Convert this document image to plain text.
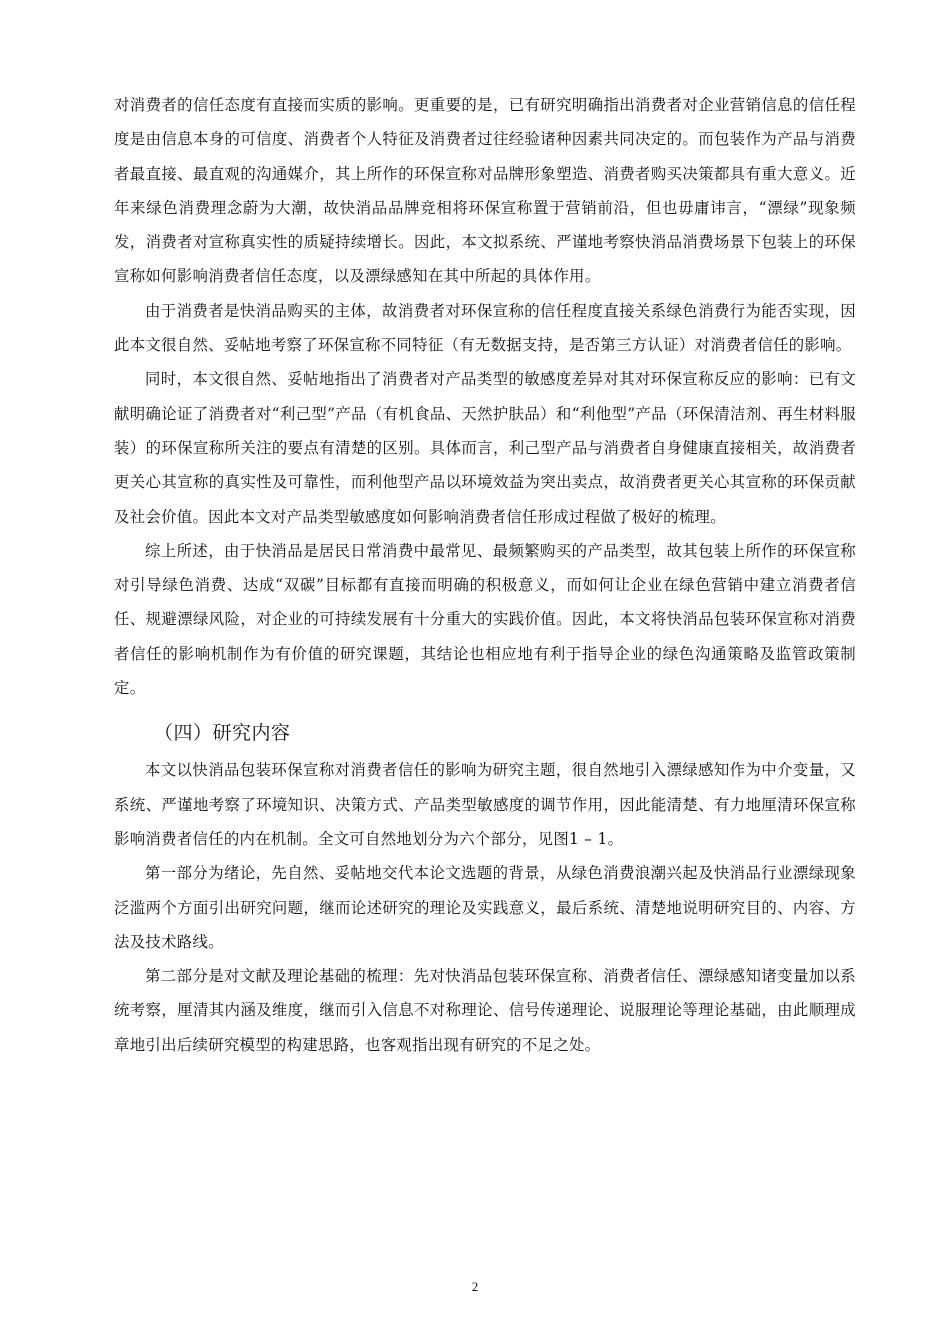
对消费者的信任态度有直接而实质的影响。更重要的是，已有研究明确指出消费者对企业营销信息的信任程度是由信息本身的可信度、消费者个人特征及消费者过往经验诸种因素共同决定的。而包装作为产品与消费者最直接、最直观的沟通媒介，其上所作的环保宣称对品牌形象塑造、消费者购买决策都具有重大意义。近年来绿色消费理念蔚为大潮，故快消品品牌竞相将环保宣称置于营销前沿，但也毋庸讳言，“漂绿”现象频发，消费者对宣称真实性的质疑持续增长。因此，本文拟系统、严谨地考察快消品消费场景下包装上的环保宣称如何影响消费者信任态度，以及漂绿感知在其中所起的具体作用。

由于消费者是快消品购买的主体，故消费者对环保宣称的信任程度直接关系绿色消费行为能否实现，因此本文很自然、妥帖地考察了环保宣称不同特征（有无数据支持，是否第三方认证）对消费者信任的影响。

同时，本文很自然、妥帖地指出了消费者对产品类型的敏感度差异对其对环保宣称反应的影响：已有文献明确论证了消费者对“利己型”产品（有机食品、天然护肤品）和“利他型”产品（环保清洁剂、再生材料服装）的环保宣称所关注的要点有清楚的区别。具体而言，利己型产品与消费者自身健康直接相关，故消费者更关心其宣称的真实性及可靠性，而利他型产品以环境效益为突出卖点，故消费者更关心其宣称的环保贡献及社会价值。因此本文对产品类型敏感度如何影响消费者信任形成过程做了极好的梳理。

综上所述，由于快消品是居民日常消费中最常见、最频繁购买的产品类型，故其包装上所作的环保宣称对引导绿色消费、达成“双碳”目标都有直接而明确的积极意义，而如何让企业在绿色营销中建立消费者信任、规避漂绿风险，对企业的可持续发展有十分重大的实践价值。因此，本文将快消品包装环保宣称对消费者信任的影响机制作为有价值的研究课题，其结论也相应地有利于指导企业的绿色沟通策略及监管政策制定。

（四）研究内容

本文以快消品包装环保宣称对消费者信任的影响为研究主题，很自然地引入漂绿感知作为中介变量，又系统、严谨地考察了环境知识、决策方式、产品类型敏感度的调节作用，因此能清楚、有力地厘清环保宣称影响消费者信任的内在机制。全文可自然地划分为六个部分，见图1 – 1。

第一部分为绪论，先自然、妥帖地交代本论文选题的背景，从绿色消费浪潮兴起及快消品行业漂绿现象泛滥两个方面引出研究问题，继而论述研究的理论及实践意义，最后系统、清楚地说明研究目的、内容、方法及技术路线。

第二部分是对文献及理论基础的梳理：先对快消品包装环保宣称、消费者信任、漂绿感知诸变量加以系统考察，厘清其内涵及维度，继而引入信息不对称理论、信号传递理论、说服理论等理论基础，由此顺理成章地引出后续研究模型的构建思路，也客观指出现有研究的不足之处。

2
